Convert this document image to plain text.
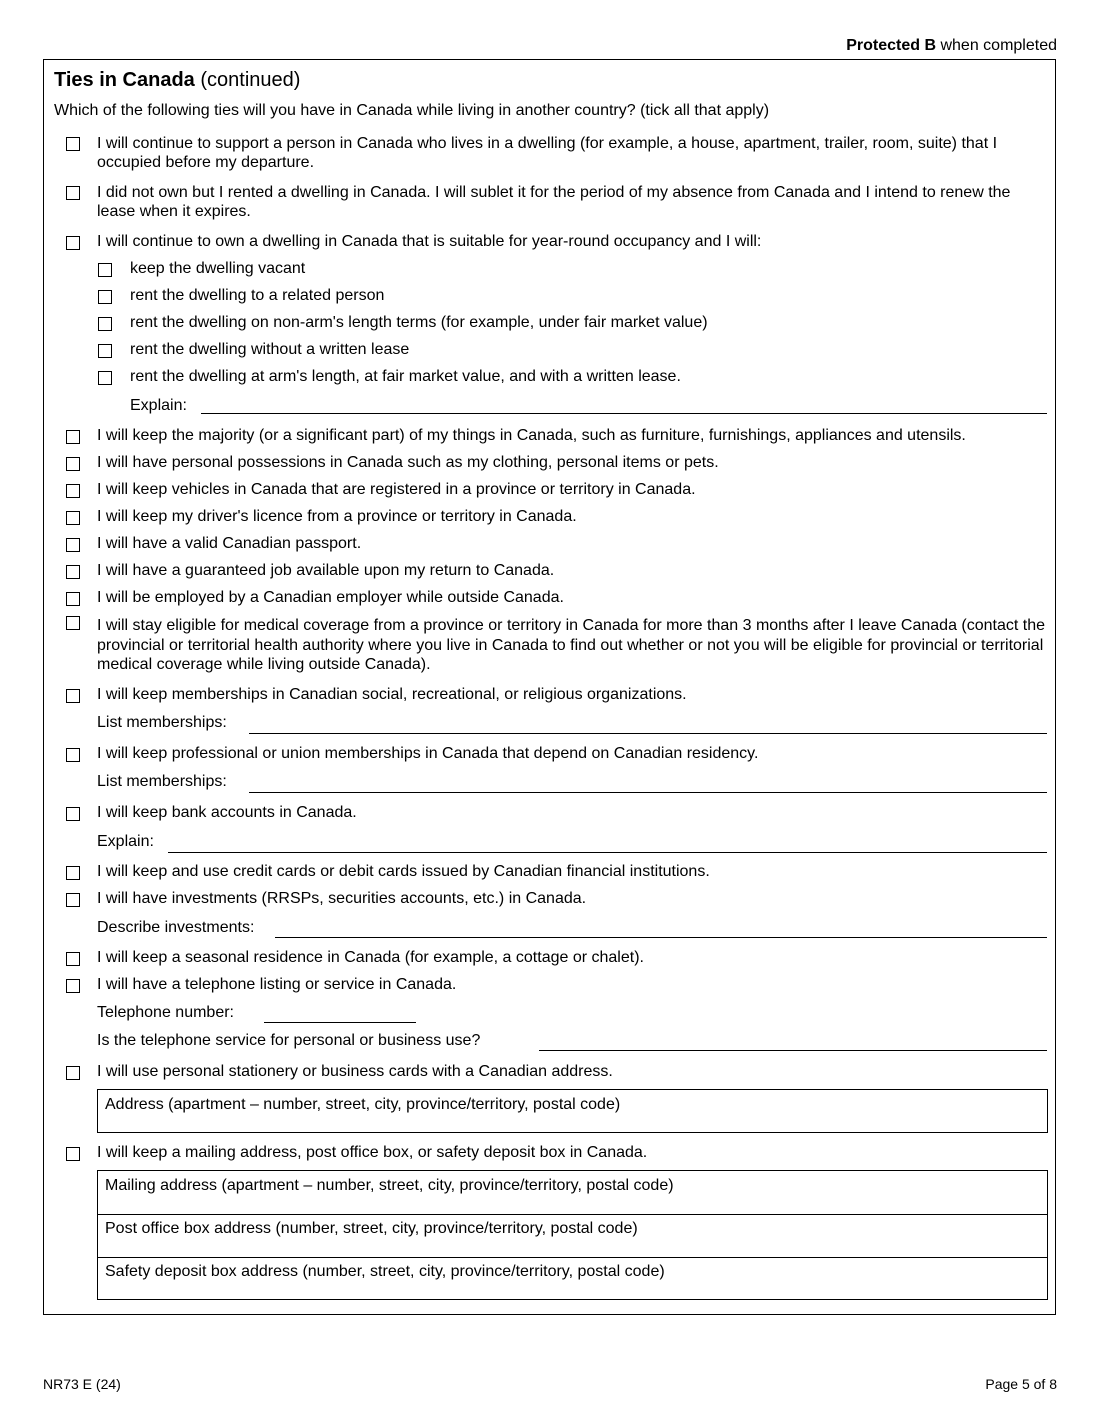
Protected B when completed
Ties in Canada (continued)
Which of the following ties will you have in Canada while living in another country? (tick all that apply)
I will continue to support a person in Canada who lives in a dwelling (for example, a house, apartment, trailer, room, suite) that I occupied before my departure.
I did not own but I rented a dwelling in Canada. I will sublet it for the period of my absence from Canada and I intend to renew the lease when it expires.
I will continue to own a dwelling in Canada that is suitable for year-round occupancy and I will:
keep the dwelling vacant
rent the dwelling to a related person
rent the dwelling on non-arm's length terms (for example, under fair market value)
rent the dwelling without a written lease
rent the dwelling at arm's length, at fair market value, and with a written lease.
Explain:
I will keep the majority (or a significant part) of my things in Canada, such as furniture, furnishings, appliances and utensils.
I will have personal possessions in Canada such as my clothing, personal items or pets.
I will keep vehicles in Canada that are registered in a province or territory in Canada.
I will keep my driver's licence from a province or territory in Canada.
I will have a valid Canadian passport.
I will have a guaranteed job available upon my return to Canada.
I will be employed by a Canadian employer while outside Canada.
I will stay eligible for medical coverage from a province or territory in Canada for more than 3 months after I leave Canada (contact the provincial or territorial health authority where you live in Canada to find out whether or not you will be eligible for provincial or territorial medical coverage while living outside Canada).
I will keep memberships in Canadian social, recreational, or religious organizations.
List memberships:
I will keep professional or union memberships in Canada that depend on Canadian residency.
List memberships:
I will keep bank accounts in Canada.
Explain:
I will keep and use credit cards or debit cards issued by Canadian financial institutions.
I will have investments (RRSPs, securities accounts, etc.) in Canada.
Describe investments:
I will keep a seasonal residence in Canada (for example, a cottage or chalet).
I will have a telephone listing or service in Canada.
Telephone number:
Is the telephone service for personal or business use?
I will use personal stationery or business cards with a Canadian address.
Address (apartment – number, street, city, province/territory, postal code)
I will keep a mailing address, post office box, or safety deposit box in Canada.
Mailing address (apartment – number, street, city, province/territory, postal code)
Post office box address (number, street, city, province/territory, postal code)
Safety deposit box address (number, street, city, province/territory, postal code)
NR73 E (24)	Page 5 of 8
